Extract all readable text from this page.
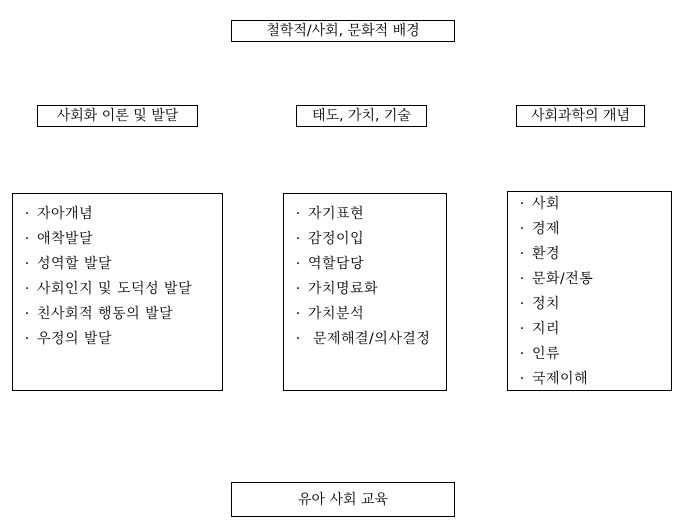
철학적/사회, 문화적 배경
사회화 이론 및 발달	태도, 가치, 기술	사회과학의 개념
· 자아개념
· 애착발달
· 성역할 발달
· 사회인지 및 도덕성 발달
· 친사회적 행동의 발달
· 우정의 발달
· 자기표현
· 감정이입
· 역할담당
· 가치명료화
· 가치분석
· 문제해결/의사결정
· 사회
· 경제
· 환경
· 문화/전통
· 정치
· 지리
· 인류
· 국제이해
유아 사회 교육
